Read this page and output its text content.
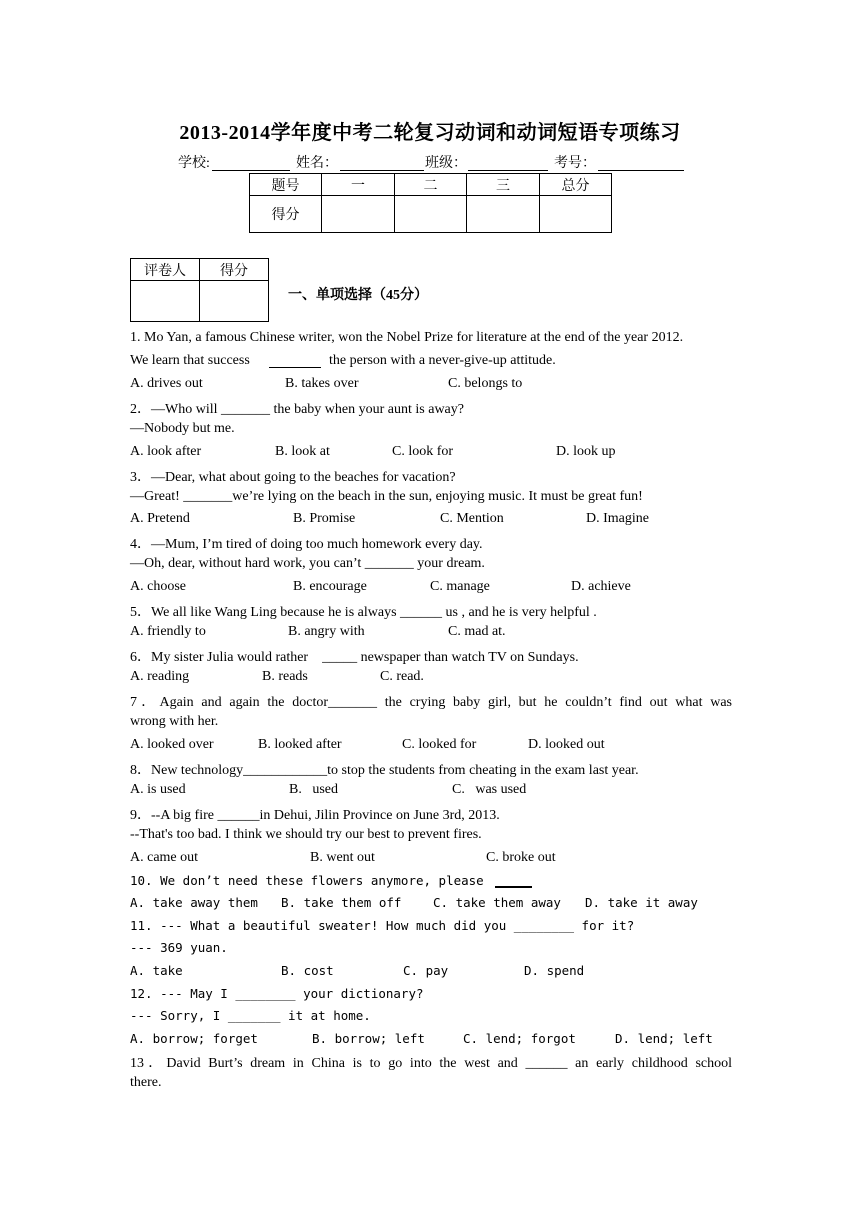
2013-2014学年度中考二轮复习动词和动词短语专项练习
学校:	姓名：	班级：	考号：
题号	一	二	三	总分
得分				
评卷人	得分

一、单项选择（45分）
1. Mo Yan, a famous Chinese writer, won the Nobel Prize for literature at the end of the year 2012.
We learn that success	the person with a never-give-up attitude.
A. drives out	B. takes over	C. belongs to
2．—Who will _______ the baby when your aunt is away?
—Nobody but me.
A. look after	B. look at	C. look for	D. look up
3．—Dear, what about going to the beaches for vacation?
—Great! _______we’re lying on the beach in the sun, enjoying music. It must be great fun!
A. Pretend	B. Promise	C. Mention	D. Imagine
4．—Mum, I’m tired of doing too much homework every day.
—Oh, dear, without hard work, you can’t _______ your dream.
A. choose	B. encourage	C. manage	D. achieve
5．We all like Wang Ling because he is always ______ us , and he is very helpful .
A. friendly to	B. angry with	C. mad at.
6．My sister Julia would rather    _____ newspaper than watch TV on Sundays.
A. reading	B. reads	C. read.
7．Again and again the doctor_______ the crying baby girl, but he couldn’t find out what was
wrong with her.
A. looked over	B. looked after	C. looked for	D. looked out
8．New technology____________to stop the students from cheating in the exam last year.
A. is used	B.   used	C.   was used
9．--A big fire ______in Dehui, Jilin Province on June 3rd, 2013.
--That's too bad. I think we should try our best to prevent fires.
A. came out	B. went out	C. broke out
10. We don’t need these flowers anymore, please
A. take away them B. take them off	C. take them away D. take it away
11. --- What a beautiful sweater! How much did you ________ for it?
--- 369 yuan.
A. take	B. cost	C. pay	D. spend
12. --- May I ________ your dictionary?
--- Sorry, I _______ it at home.
A. borrow; forget	B. borrow; left	C. lend; forgot	D. lend; left
13．David Burt’s dream in China is to go into the west and ______ an early childhood school
there.
